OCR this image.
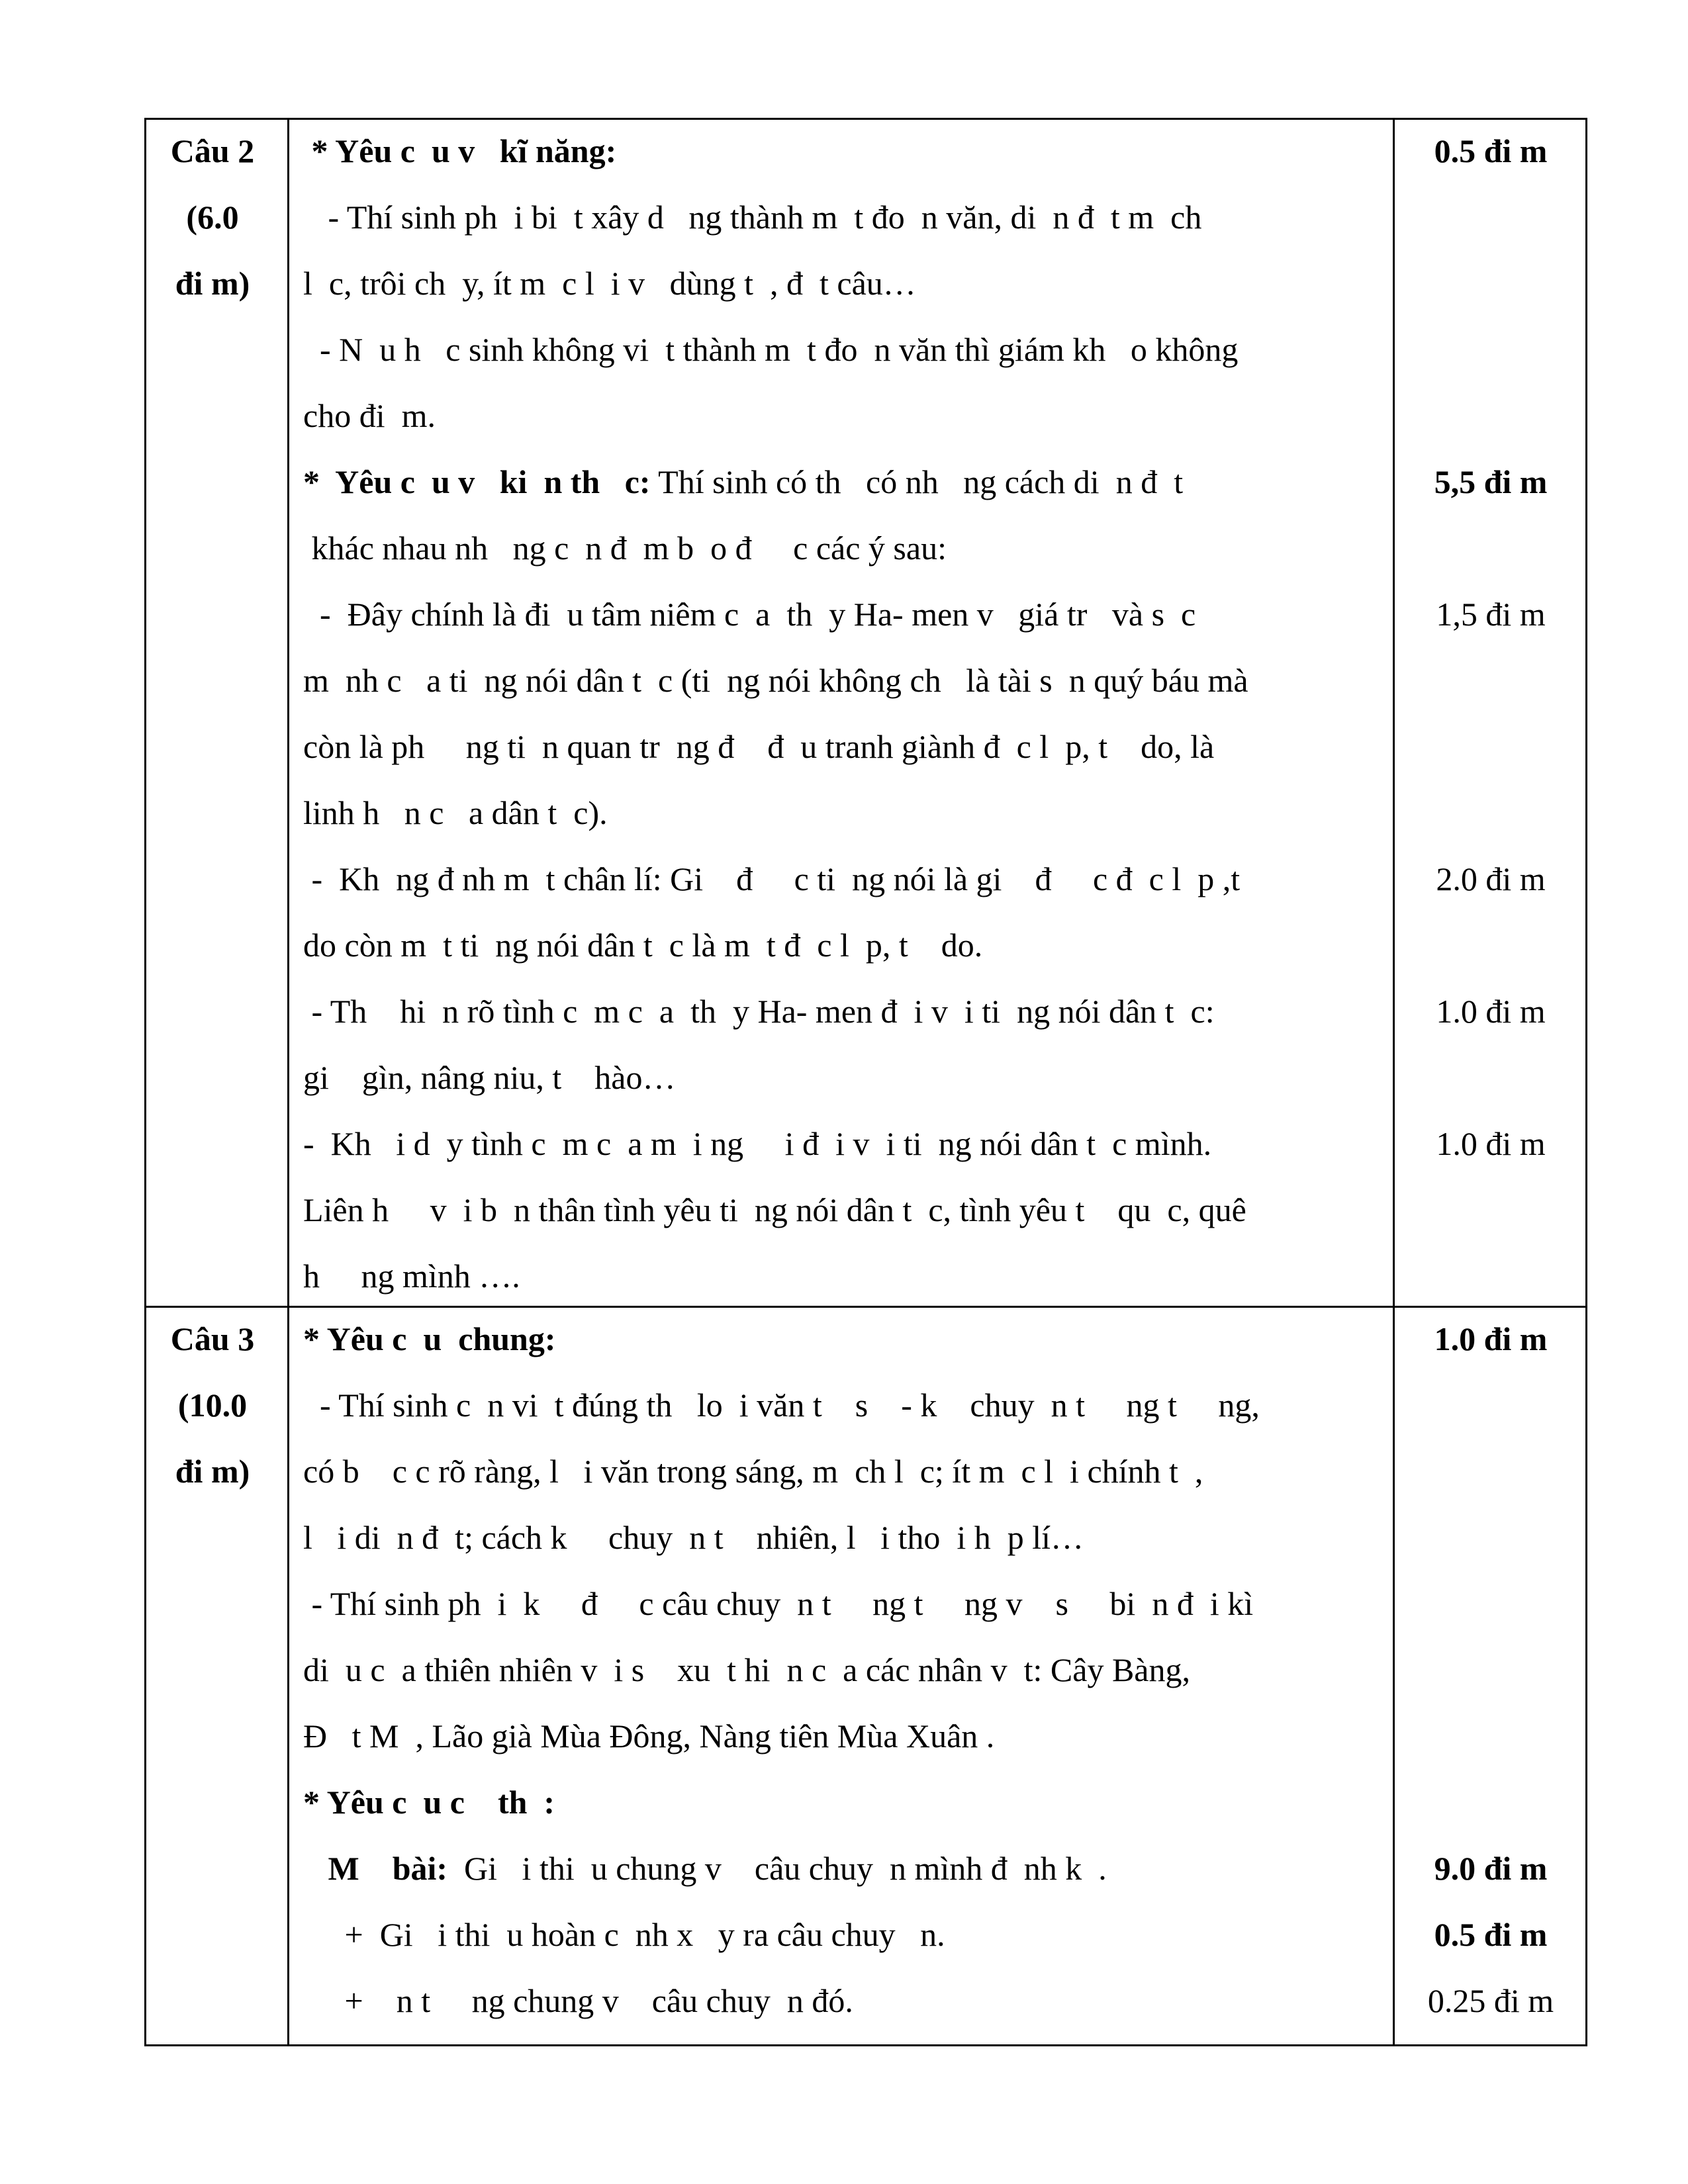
Câu 2
(6.0
đi m)
* Yêu c  u v   kĩ năng:
- Thí sinh ph  i bi  t xây d   ng thành m  t đo  n văn, di  n đ  t m  ch
l  c, trôi ch  y, ít m  c l  i v   dùng t  , đ  t câu…
- N  u h   c sinh không vi  t thành m  t đo  n văn thì giám kh   o không
cho đi  m.
*  Yêu c  u v   ki  n th   c: Thí sinh có th   có nh   ng cách di  n đ  t
khác nhau nh   ng c  n đ  m b  o đ     c các ý sau:
-  Đây chính là đi  u tâm niêm c  a  th  y Ha- men v   giá tr   và s  c
m  nh c   a ti  ng nói dân t  c (ti  ng nói không ch   là tài s  n quý báu mà
còn là ph     ng ti  n quan tr  ng đ    đ  u tranh giành đ  c l  p, t    do, là
linh h   n c   a dân t  c).
-  Kh  ng đ nh m  t chân lí: Gi    đ     c ti  ng nói là gi    đ     c đ  c l  p ,t
do còn m  t ti  ng nói dân t  c là m  t đ  c l  p, t    do.
- Th    hi  n rõ tình c  m c  a  th  y Ha- men đ  i v  i ti  ng nói dân t  c:
gi    gìn, nâng niu, t    hào…
-  Kh   i d  y tình c  m c  a m  i ng     i đ  i v  i ti  ng nói dân t  c mình.
Liên h     v  i b  n thân tình yêu ti  ng nói dân t  c, tình yêu t    qu  c, quê
h     ng mình ….
0.5 đi m
5,5 đi m
1,5 đi m
2.0 đi m
1.0 đi m
1.0 đi m
Câu 3
(10.0
đi m)
* Yêu c  u  chung:
- Thí sinh c  n vi  t đúng th   lo  i văn t    s    - k    chuy  n t     ng t     ng,
có b    c c rõ ràng, l   i văn trong sáng, m  ch l  c; ít m  c l  i chính t  ,
l   i di  n đ  t; cách k     chuy  n t    nhiên, l   i tho  i h  p lí…
- Thí sinh ph  i  k     đ     c câu chuy  n t     ng t     ng v    s     bi  n đ  i kì
di  u c  a thiên nhiên v  i s    xu  t hi  n c  a các nhân v  t: Cây Bàng,
Đ   t M  , Lão già Mùa Đông, Nàng tiên Mùa Xuân .
* Yêu c  u c    th  :
M    bài:  Gi   i thi  u chung v    câu chuy  n mình đ  nh k  .
+  Gi   i thi  u hoàn c  nh x   y ra câu chuy   n.
+    n t     ng chung v    câu chuy  n đó.
1.0 đi m
9.0 đi m
0.5 đi m
0.25 đi m
